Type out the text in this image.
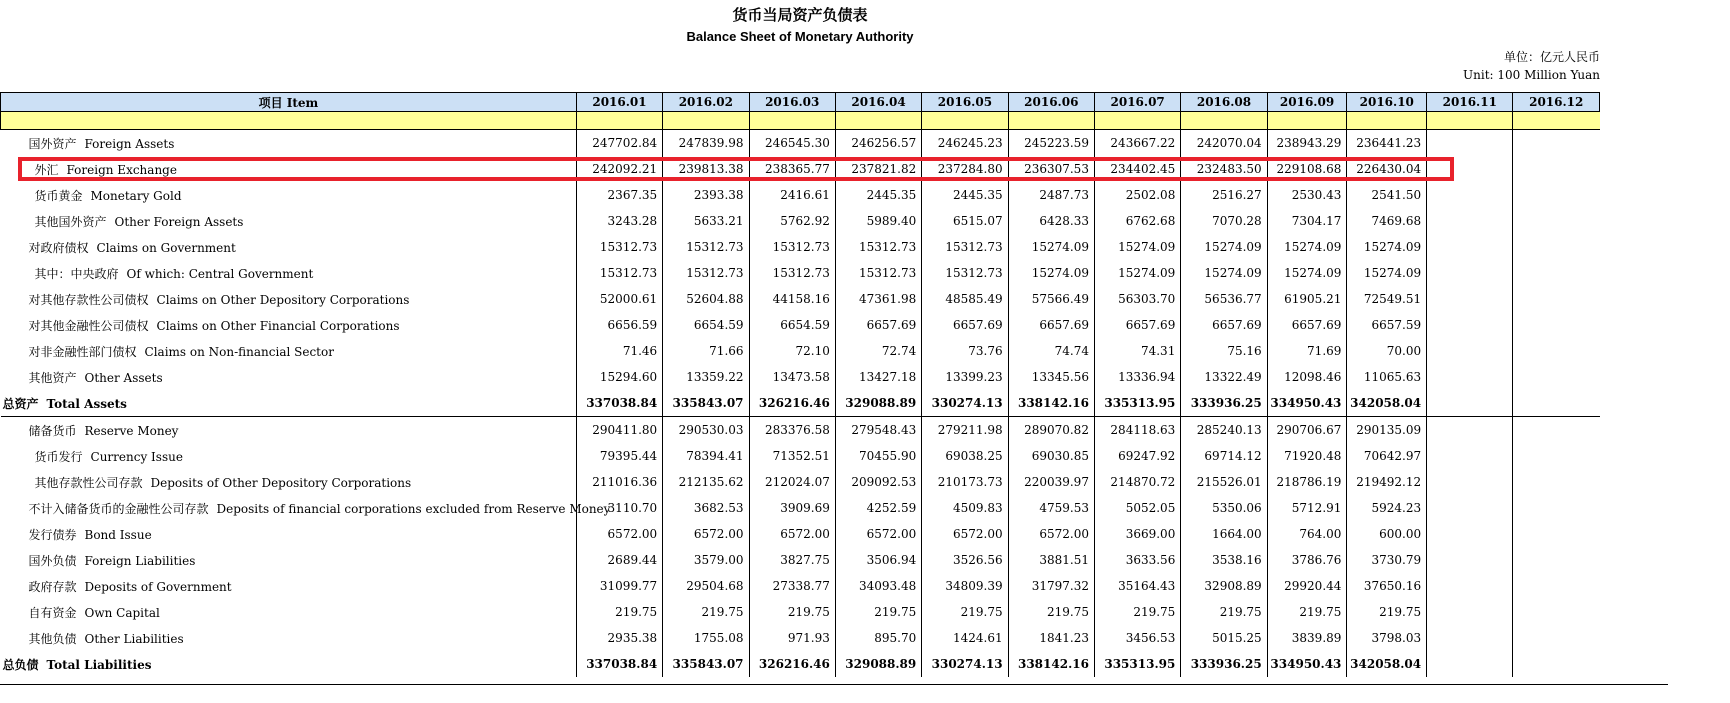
货币当局资产负债表
Balance Sheet of Monetary Authority
单位：亿元人民币
Unit: 100 Million Yuan
项目 Item	2016.01	2016.02	2016.03	2016.04	2016.05	2016.06	2016.07	2016.08	2016.09	2016.10	2016.11	2016.12

国外资产 Foreign Assets	247702.84	247839.98	246545.30	246256.57	246245.23	245223.59	243667.22	242070.04	238943.29	236441.23		
外汇 Foreign Exchange	242092.21	239813.38	238365.77	237821.82	237284.80	236307.53	234402.45	232483.50	229108.68	226430.04		
货币黄金 Monetary Gold	2367.35	2393.38	2416.61	2445.35	2445.35	2487.73	2502.08	2516.27	2530.43	2541.50		
其他国外资产 Other Foreign Assets	3243.28	5633.21	5762.92	5989.40	6515.07	6428.33	6762.68	7070.28	7304.17	7469.68		
对政府债权 Claims on Government	15312.73	15312.73	15312.73	15312.73	15312.73	15274.09	15274.09	15274.09	15274.09	15274.09		
其中：中央政府 Of which: Central Government	15312.73	15312.73	15312.73	15312.73	15312.73	15274.09	15274.09	15274.09	15274.09	15274.09		
对其他存款性公司债权 Claims on Other Depository Corporations	52000.61	52604.88	44158.16	47361.98	48585.49	57566.49	56303.70	56536.77	61905.21	72549.51		
对其他金融性公司债权 Claims on Other Financial Corporations	6656.59	6654.59	6654.59	6657.69	6657.69	6657.69	6657.69	6657.69	6657.69	6657.59		
对非金融性部门债权 Claims on Non-financial Sector	71.46	71.66	72.10	72.74	73.76	74.74	74.31	75.16	71.69	70.00		
其他资产 Other Assets	15294.60	13359.22	13473.58	13427.18	13399.23	13345.56	13336.94	13322.49	12098.46	11065.63		
总资产 Total Assets	337038.84	335843.07	326216.46	329088.89	330274.13	338142.16	335313.95	333936.25	334950.43	342058.04		
储备货币 Reserve Money	290411.80	290530.03	283376.58	279548.43	279211.98	289070.82	284118.63	285240.13	290706.67	290135.09		
货币发行 Currency Issue	79395.44	78394.41	71352.51	70455.90	69038.25	69030.85	69247.92	69714.12	71920.48	70642.97		
其他存款性公司存款 Deposits of Other Depository Corporations	211016.36	212135.62	212024.07	209092.53	210173.73	220039.97	214870.72	215526.01	218786.19	219492.12		
不计入储备货币的金融性公司存款 Deposits of financial corporations excluded from Reserve Money	3110.70	3682.53	3909.69	4252.59	4509.83	4759.53	5052.05	5350.06	5712.91	5924.23		
发行债券 Bond Issue	6572.00	6572.00	6572.00	6572.00	6572.00	6572.00	3669.00	1664.00	764.00	600.00		
国外负债 Foreign Liabilities	2689.44	3579.00	3827.75	3506.94	3526.56	3881.51	3633.56	3538.16	3786.76	3730.79		
政府存款 Deposits of Government	31099.77	29504.68	27338.77	34093.48	34809.39	31797.32	35164.43	32908.89	29920.44	37650.16		
自有资金 Own Capital	219.75	219.75	219.75	219.75	219.75	219.75	219.75	219.75	219.75	219.75		
其他负债 Other Liabilities	2935.38	1755.08	971.93	895.70	1424.61	1841.23	3456.53	5015.25	3839.89	3798.03		
总负债 Total Liabilities	337038.84	335843.07	326216.46	329088.89	330274.13	338142.16	335313.95	333936.25	334950.43	342058.04		
